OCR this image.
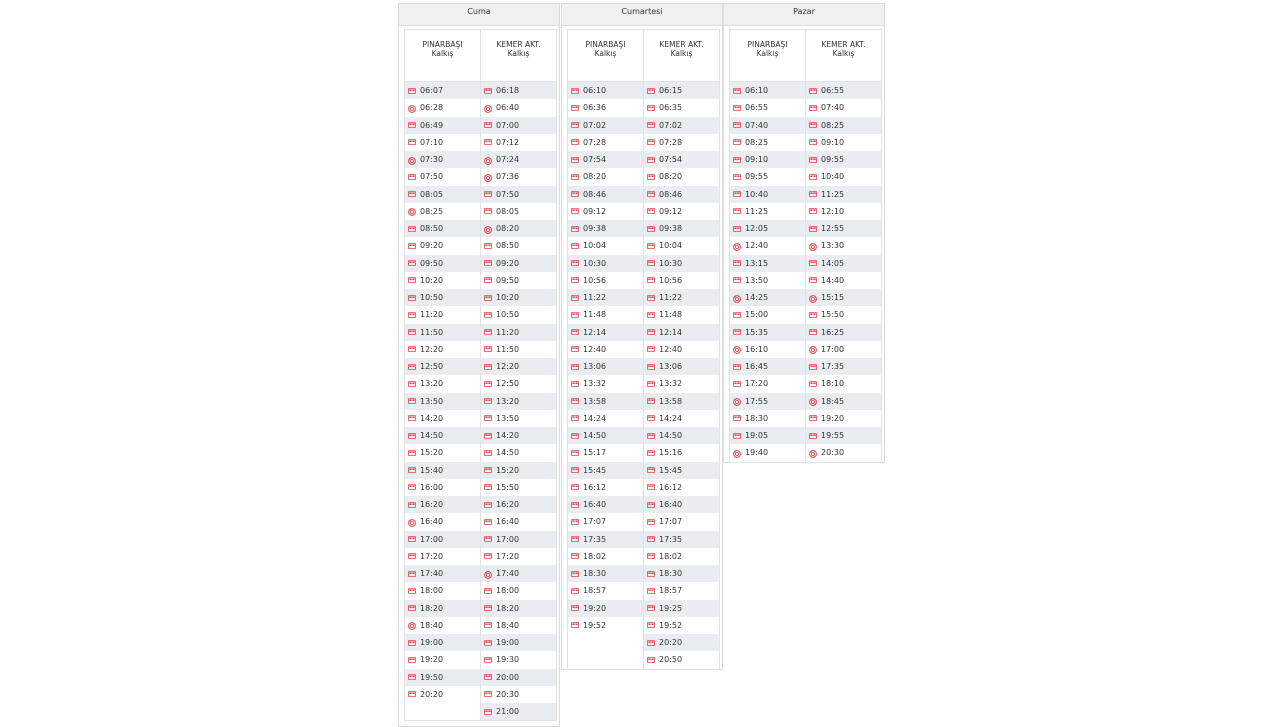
Cuma
PINARBAŞI
Kalkış
06:07
06:28
06:49
07:10
07:30
07:50
08:05
08:25
08:50
09:20
09:50
10:20
10:50
11:20
11:50
12:20
12:50
13:20
13:50
14:20
14:50
15:20
15:40
16:00
16:20
16:40
17:00
17:20
17:40
18:00
18:20
18:40
19:00
19:20
19:50
20:20
KEMER AKT.
Kalkış
06:18
06:40
07:00
07:12
07:24
07:36
07:50
08:05
08:20
08:50
09:20
09:50
10:20
10:50
11:20
11:50
12:20
12:50
13:20
13:50
14:20
14:50
15:20
15:50
16:20
16:40
17:00
17:20
17:40
18:00
18:20
18:40
19:00
19:30
20:00
20:30
21:00
Cumartesi
PINARBAŞI
Kalkış
06:10
06:36
07:02
07:28
07:54
08:20
08:46
09:12
09:38
10:04
10:30
10:56
11:22
11:48
12:14
12:40
13:06
13:32
13:58
14:24
14:50
15:17
15:45
16:12
16:40
17:07
17:35
18:02
18:30
18:57
19:20
19:52
KEMER AKT.
Kalkış
06:15
06:35
07:02
07:28
07:54
08:20
08:46
09:12
09:38
10:04
10:30
10:56
11:22
11:48
12:14
12:40
13:06
13:32
13:58
14:24
14:50
15:16
15:45
16:12
16:40
17:07
17:35
18:02
18:30
18:57
19:25
19:52
20:20
20:50
Pazar
PINARBAŞI
Kalkış
06:10
06:55
07:40
08:25
09:10
09:55
10:40
11:25
12:05
12:40
13:15
13:50
14:25
15:00
15:35
16:10
16:45
17:20
17:55
18:30
19:05
19:40
KEMER AKT.
Kalkış
06:55
07:40
08:25
09:10
09:55
10:40
11:25
12:10
12:55
13:30
14:05
14:40
15:15
15:50
16:25
17:00
17:35
18:10
18:45
19:20
19:55
20:30
